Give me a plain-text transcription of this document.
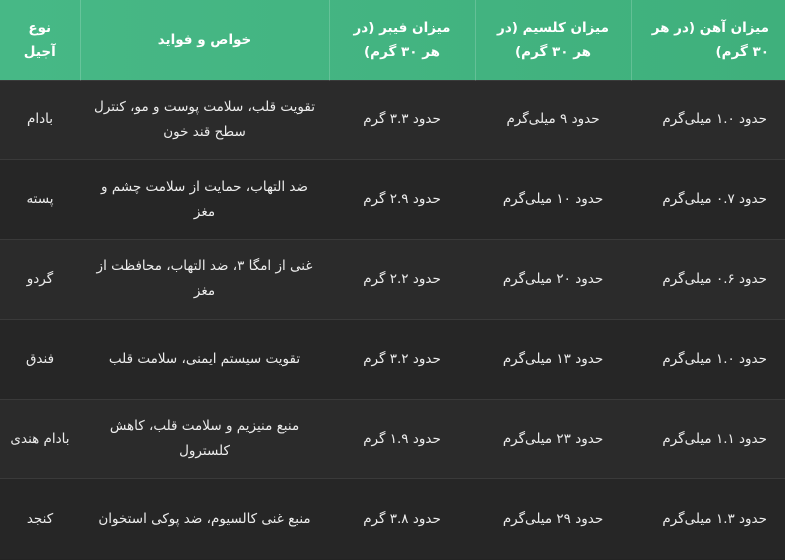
میزان آهن (در هر ۳۰ گرم)	میزان کلسیم (در هر ۳۰ گرم)	میزان فیبر (در هر ۳۰ گرم)	خواص و فواید	نوع آجیل
حدود ۱.۰ میلی‌گرم	حدود ۹ میلی‌گرم	حدود ۳.۳ گرم	تقویت قلب، سلامت پوست و مو، کنترل سطح قند خون	بادام
حدود ۰.۷ میلی‌گرم	حدود ۱۰ میلی‌گرم	حدود ۲.۹ گرم	ضد التهاب، حمایت از سلامت چشم و مغز	پسته
حدود ۰.۶ میلی‌گرم	حدود ۲۰ میلی‌گرم	حدود ۲.۲ گرم	غنی از امگا ۳، ضد التهاب، محافظت از مغز	گردو
حدود ۱.۰ میلی‌گرم	حدود ۱۳ میلی‌گرم	حدود ۳.۲ گرم	تقویت سیستم ایمنی، سلامت قلب	فندق
حدود ۱.۱ میلی‌گرم	حدود ۲۳ میلی‌گرم	حدود ۱.۹ گرم	منبع منیزیم و سلامت قلب، کاهش کلسترول	بادام هندی
حدود ۱.۳ میلی‌گرم	حدود ۲۹ میلی‌گرم	حدود ۳.۸ گرم	منبع غنی کالسیوم، ضد پوکی استخوان	کنجد
